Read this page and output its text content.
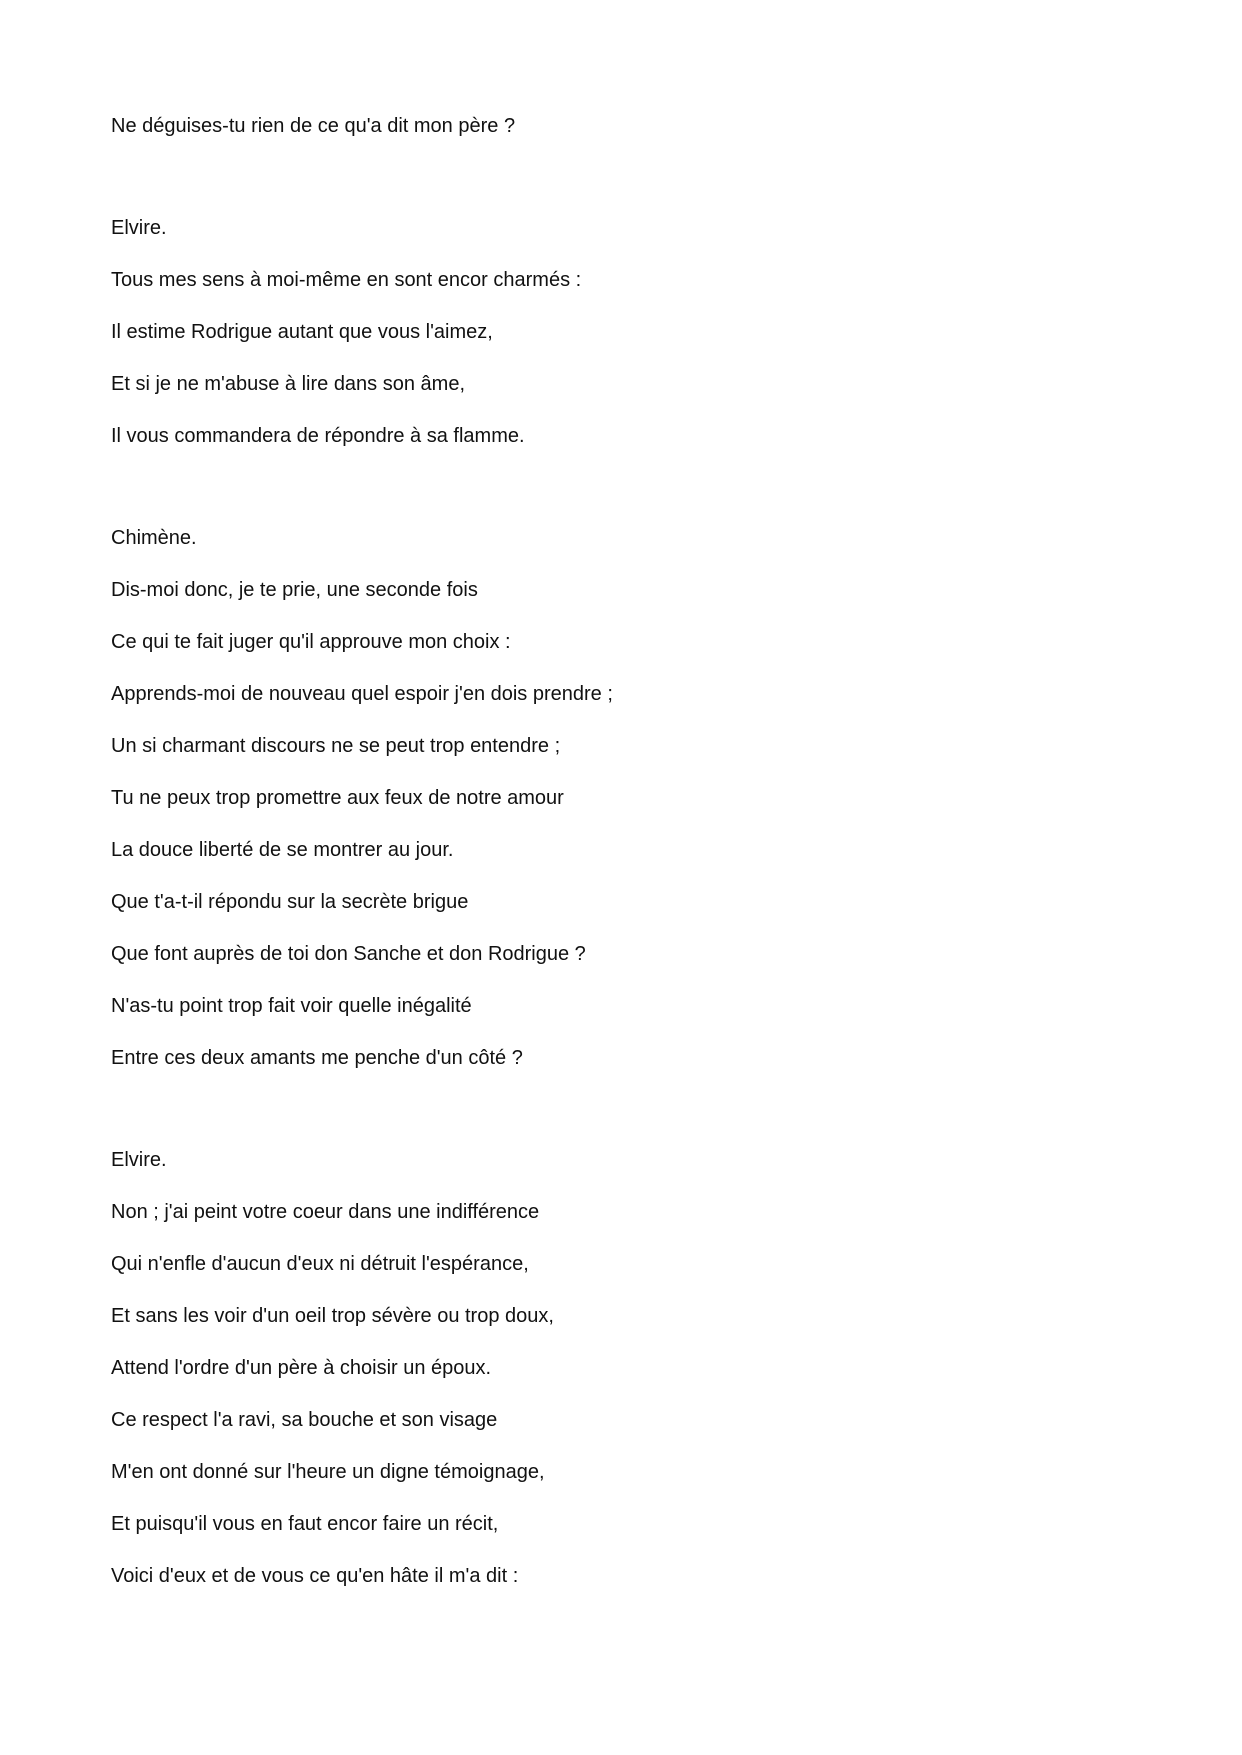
Ne déguises-tu rien de ce qu'a dit mon père ?
Elvire.
Tous mes sens à moi-même en sont encor charmés :
Il estime Rodrigue autant que vous l'aimez,
Et si je ne m'abuse à lire dans son âme,
Il vous commandera de répondre à sa flamme.
Chimène.
Dis-moi donc, je te prie, une seconde fois
Ce qui te fait juger qu'il approuve mon choix :
Apprends-moi de nouveau quel espoir j'en dois prendre ;
Un si charmant discours ne se peut trop entendre ;
Tu ne peux trop promettre aux feux de notre amour
La douce liberté de se montrer au jour.
Que t'a-t-il répondu sur la secrète brigue
Que font auprès de toi don Sanche et don Rodrigue ?
N'as-tu point trop fait voir quelle inégalité
Entre ces deux amants me penche d'un côté ?
Elvire.
Non ; j'ai peint votre coeur dans une indifférence
Qui n'enfle d'aucun d'eux ni détruit l'espérance,
Et sans les voir d'un oeil trop sévère ou trop doux,
Attend l'ordre d'un père à choisir un époux.
Ce respect l'a ravi, sa bouche et son visage
M'en ont donné sur l'heure un digne témoignage,
Et puisqu'il vous en faut encor faire un récit,
Voici d'eux et de vous ce qu'en hâte il m'a dit :
